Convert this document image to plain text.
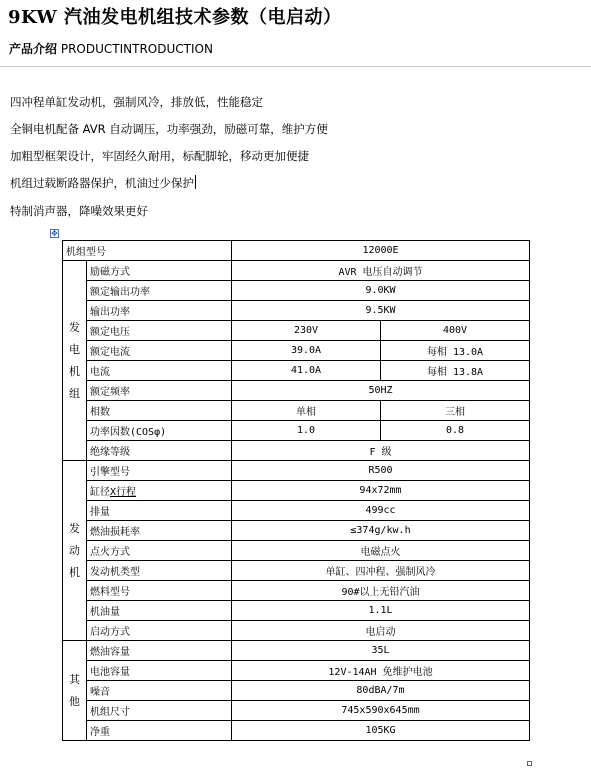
9KW 汽油发电机组技术参数（电启动）
产品介绍 PRODUCTINTRODUCTION
四冲程单缸发动机，强制风冷，排放低，性能稳定
全铜电机配备 AVR 自动调压，功率强劲，励磁可靠，维护方便
加粗型框架设计，牢固经久耐用，标配脚轮，移动更加便捷
机组过载断路器保护，机油过少保护
特制消声器，降噪效果更好
✥
机组型号		12000E	

发
电
机
组	励磁方式	AVR 电压自动调节	
	额定输出功率	9.0KW	
	输出功率	9.5KW	
	额定电压	230V	400V
	额定电流	39.0A	每相 13.0A
	电流	41.0A	每相 13.8A
	额定频率	50HZ	
	相数	单相	三相
	功率因数(COSφ)	1.0	0.8
	绝缘等级	F 级	

发
动
机	引擎型号	R500	
	缸径X行程	94x72mm	
	排量	499cc	
	燃油损耗率	≤374g/kw.h	
	点火方式	电磁点火	
	发动机类型	单缸、四冲程、强制风冷	
	燃料型号	90#以上无铅汽油	
	机油量	1.1L	
	启动方式	电启动	

其
他	燃油容量	35L	
	电池容量	12V-14AH 免维护电池	
	噪音	80dBA/7m	
	机组尺寸	745x590x645mm	
	净重	105KG	
